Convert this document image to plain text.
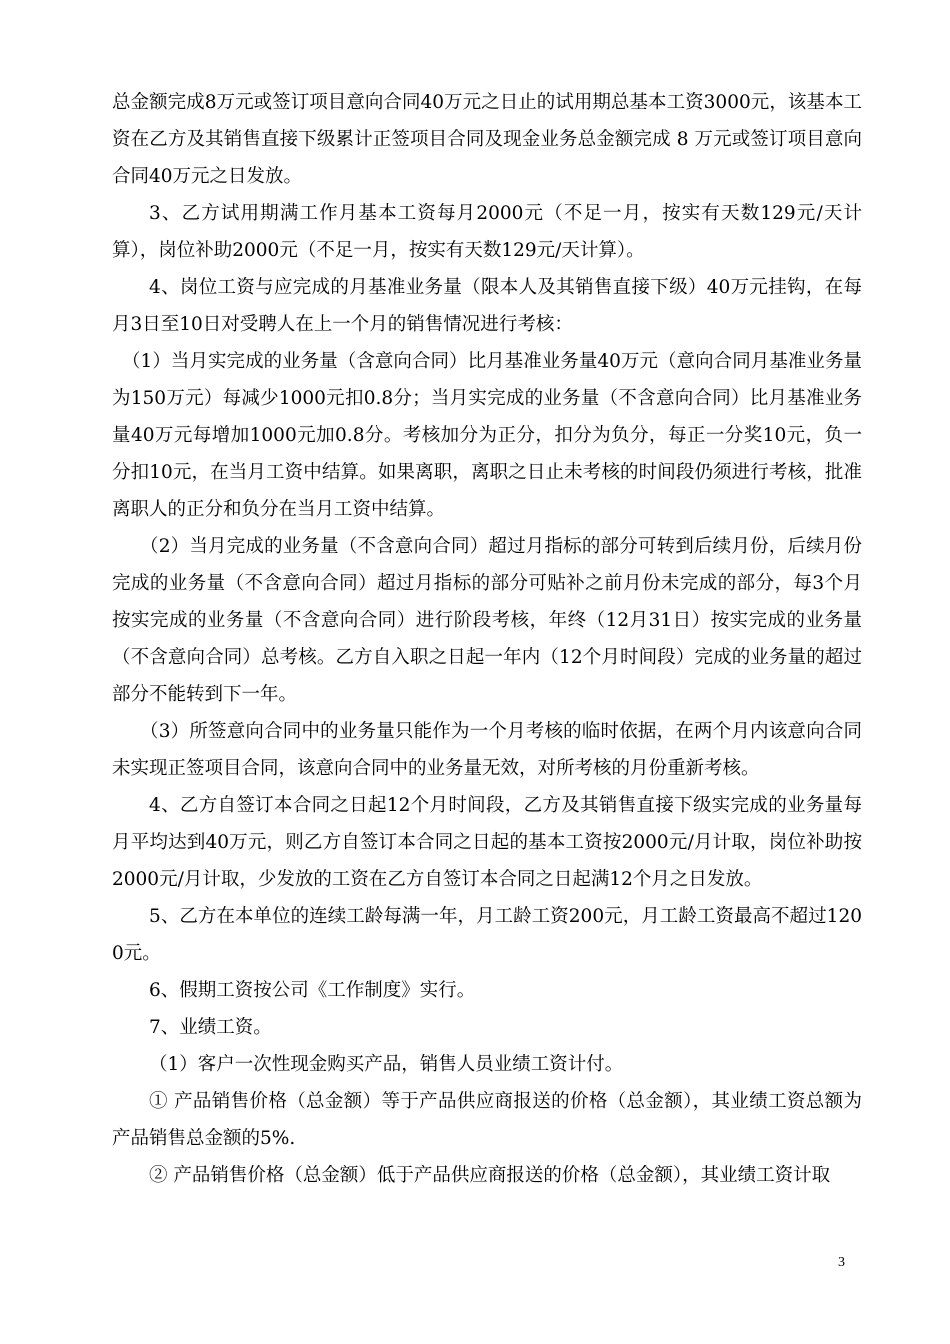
总金额完成8万元或签订项目意向合同40万元之日止的试用期总基本工资3000元，该基本工资在乙方及其销售直接下级累计正签项目合同及现金业务总金额完成 8 万元或签订项目意向合同40万元之日发放。

3、乙方试用期满工作月基本工资每月2000元（不足一月，按实有天数129元/天计算），岗位补助2000元（不足一月，按实有天数129元/天计算）。

4、岗位工资与应完成的月基准业务量（限本人及其销售直接下级）40万元挂钩，在每月3日至10日对受聘人在上一个月的销售情况进行考核：

（1）当月实完成的业务量（含意向合同）比月基准业务量40万元（意向合同月基准业务量为150万元）每减少1000元扣0.8分；当月实完成的业务量（不含意向合同）比月基准业务量40万元每增加1000元加0.8分。考核加分为正分，扣分为负分，每正一分奖10元，负一分扣10元，在当月工资中结算。如果离职，离职之日止未考核的时间段仍须进行考核，批准离职人的正分和负分在当月工资中结算。

（2）当月完成的业务量（不含意向合同）超过月指标的部分可转到后续月份，后续月份完成的业务量（不含意向合同）超过月指标的部分可贴补之前月份未完成的部分，每3个月按实完成的业务量（不含意向合同）进行阶段考核，年终（12月31日）按实完成的业务量（不含意向合同）总考核。乙方自入职之日起一年内（12个月时间段）完成的业务量的超过部分不能转到下一年。

（3）所签意向合同中的业务量只能作为一个月考核的临时依据，在两个月内该意向合同未实现正签项目合同，该意向合同中的业务量无效，对所考核的月份重新考核。

4、乙方自签订本合同之日起12个月时间段，乙方及其销售直接下级实完成的业务量每月平均达到40万元，则乙方自签订本合同之日起的基本工资按2000元/月计取，岗位补助按2000元/月计取，少发放的工资在乙方自签订本合同之日起满12个月之日发放。

5、乙方在本单位的连续工龄每满一年，月工龄工资200元，月工龄工资最高不超过1200元。

6、假期工资按公司《工作制度》实行。

7、业绩工资。

（1）客户一次性现金购买产品，销售人员业绩工资计付。

① 产品销售价格（总金额）等于产品供应商报送的价格（总金额），其业绩工资总额为产品销售总金额的5%.

② 产品销售价格（总金额）低于产品供应商报送的价格（总金额），其业绩工资计取

3
